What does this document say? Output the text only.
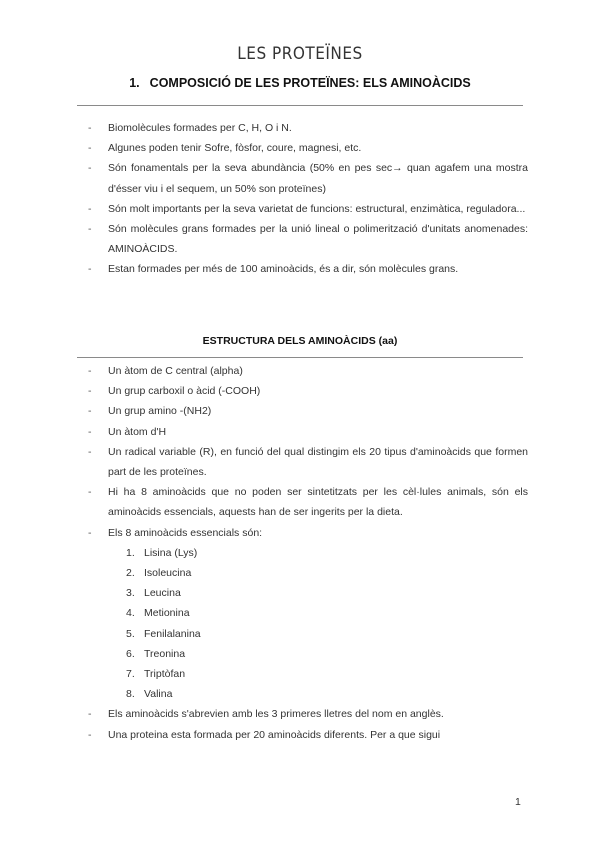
LES PROTEÏNES
1. COMPOSICIÓ DE LES PROTEÏNES: ELS AMINOÀCIDS
- Biomolècules formades per C, H, O i N.
- Algunes poden tenir Sofre, fòsfor, coure, magnesi, etc.
- Són fonamentals per la seva abundància (50% en pes sec→ quan agafem una mostra d'ésser viu i el sequem, un 50% son proteïnes)
- Són molt importants per la seva varietat de funcions: estructural, enzimàtica, reguladora...
- Són molècules grans formades per la unió lineal o polimerització d'unitats anomenades: AMINOÀCIDS.
- Estan formades per més de 100 aminoàcids, és a dir, són molècules grans.
ESTRUCTURA DELS AMINOÀCIDS (aa)
- Un àtom de C central (alpha)
- Un grup carboxil o àcid (-COOH)
- Un grup amino -(NH2)
- Un àtom d'H
- Un radical variable (R), en funció del qual distingim els 20 tipus d'aminoàcids que formen part de les proteïnes.
- Hi ha 8 aminoàcids que no poden ser sintetitzats per les cèl·lules animals, són els aminoàcids essencials, aquests han de ser ingerits per la dieta.
- Els 8 aminoàcids essencials són:
1. Lisina (Lys)
2. Isoleucina
3. Leucina
4. Metionina
5. Fenilalanina
6. Treonina
7. Triptòfan
8. Valina
- Els aminoàcids s'abrevien amb les 3 primeres lletres del nom en anglès.
- Una proteina esta formada per 20 aminoàcids diferents. Per a que sigui
1
